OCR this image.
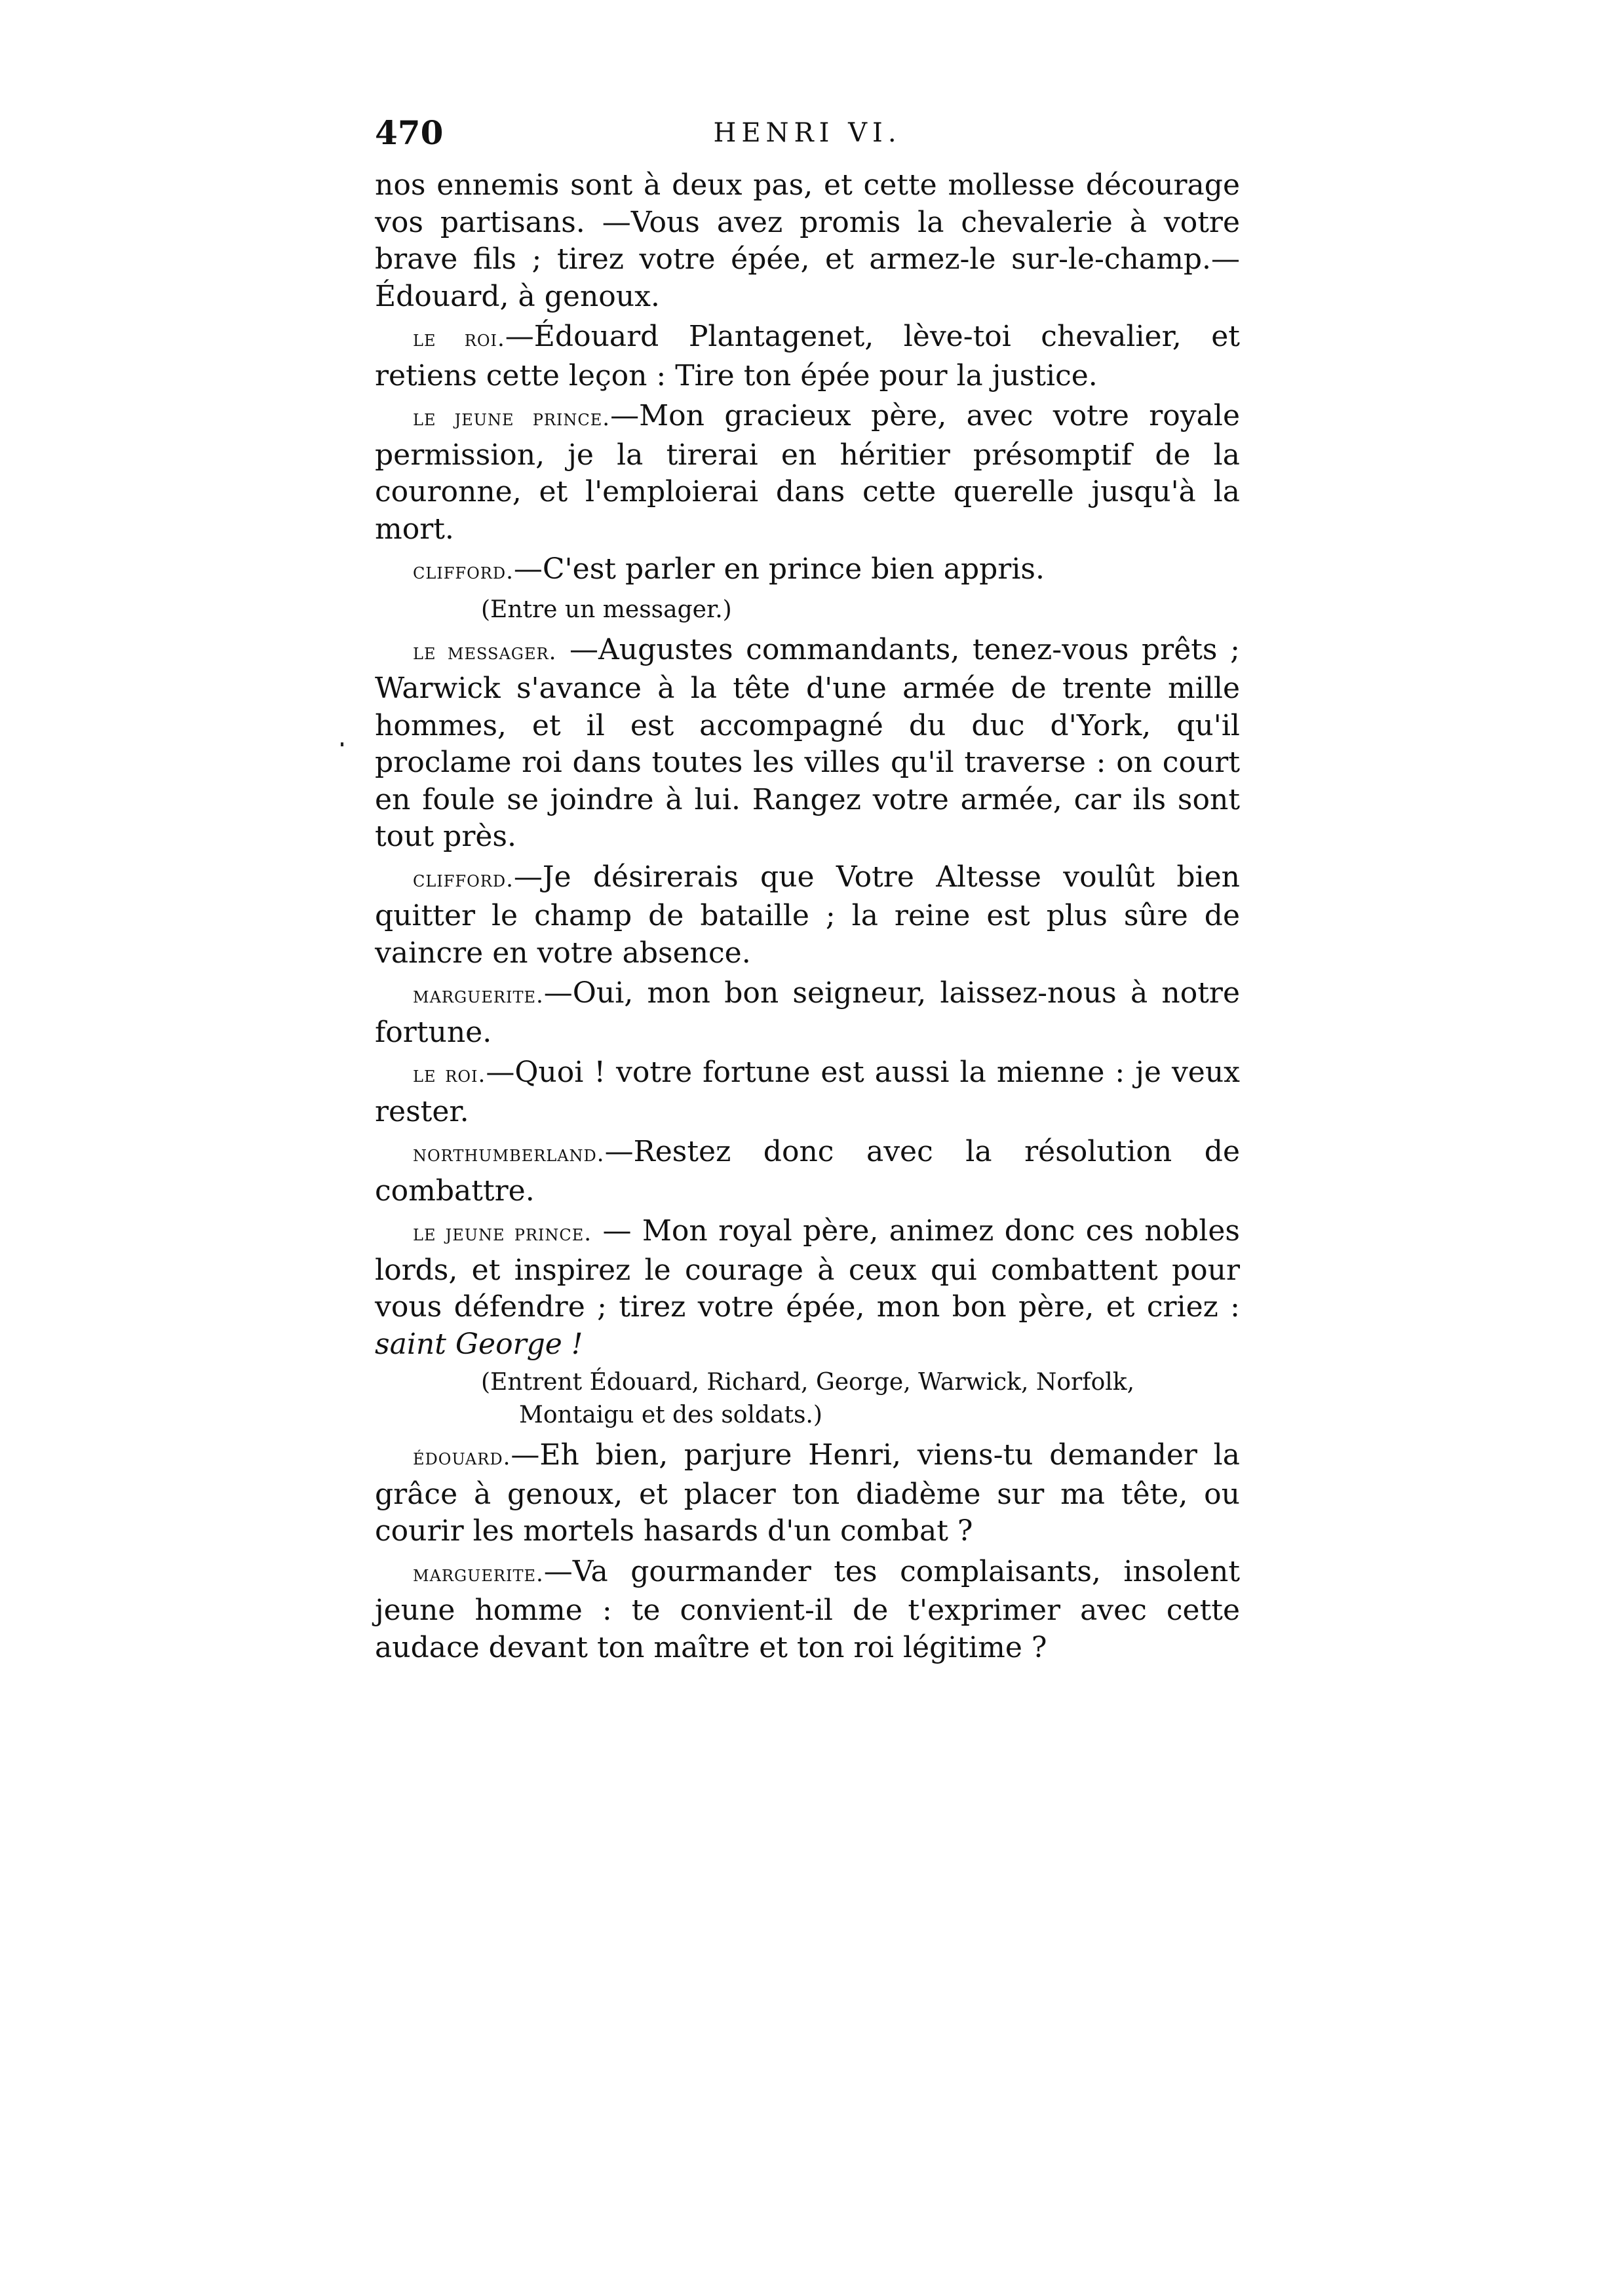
470	HENRI VI.

nos ennemis sont à deux pas, et cette mollesse décourage vos partisans. —Vous avez promis la chevalerie à votre brave fils ; tirez votre épée, et armez-le sur-le-champ.—Édouard, à genoux.

le roi.—Édouard Plantagenet, lève-toi chevalier, et retiens cette leçon : Tire ton épée pour la justice.

le jeune prince.—Mon gracieux père, avec votre royale permission, je la tirerai en héritier présomptif de la couronne, et l'emploierai dans cette querelle jusqu'à la mort.

clifford.—C'est parler en prince bien appris.

(Entre un messager.)

le messager. —Augustes commandants, tenez-vous prêts ; Warwick s'avance à la tête d'une armée de trente mille hommes, et il est accompagné du duc d'York, qu'il proclame roi dans toutes les villes qu'il traverse : on court en foule se joindre à lui. Rangez votre armée, car ils sont tout près.

clifford.—Je désirerais que Votre Altesse voulût bien quitter le champ de bataille ; la reine est plus sûre de vaincre en votre absence.

marguerite.—Oui, mon bon seigneur, laissez-nous à notre fortune.

le roi.—Quoi ! votre fortune est aussi la mienne : je veux rester.

northumberland.—Restez donc avec la résolution de combattre.

le jeune prince. — Mon royal père, animez donc ces nobles lords, et inspirez le courage à ceux qui combattent pour vous défendre ; tirez votre épée, mon bon père, et criez : saint George !

(Entrent Édouard, Richard, George, Warwick, Norfolk,
Montaigu et des soldats.)

édouard.—Eh bien, parjure Henri, viens-tu demander la grâce à genoux, et placer ton diadème sur ma tête, ou courir les mortels hasards d'un combat ?

marguerite.—Va gourmander tes complaisants, insolent jeune homme : te convient-il de t'exprimer avec cette audace devant ton maître et ton roi légitime ?
